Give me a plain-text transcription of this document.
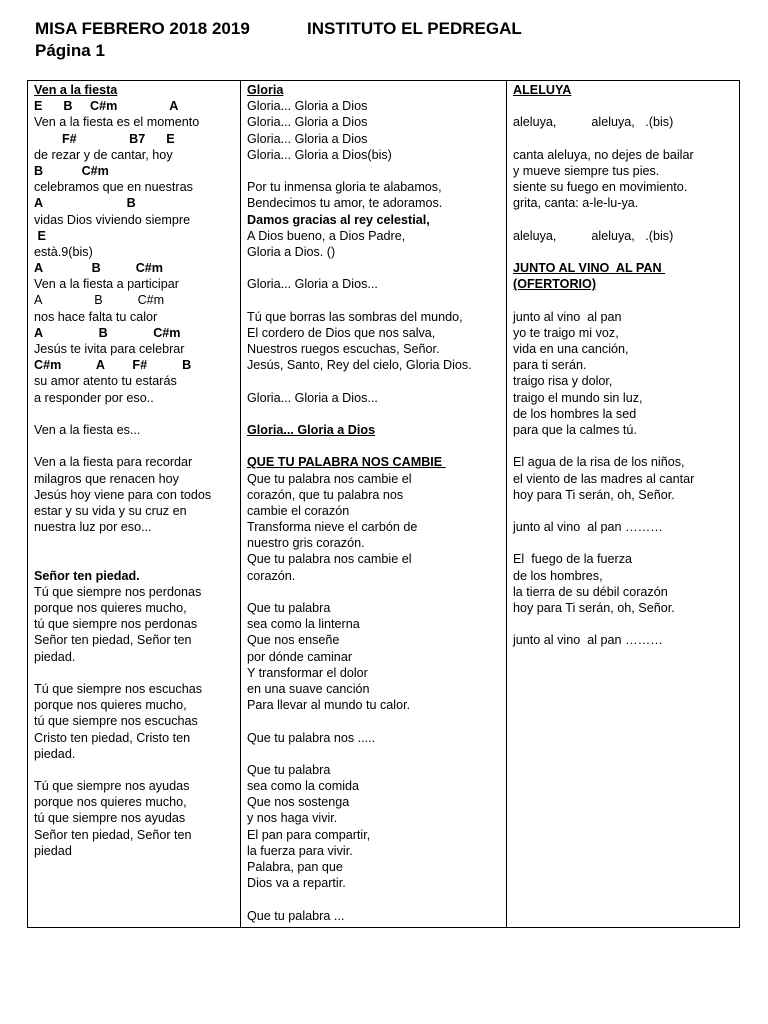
MISA FEBRERO 2018 2019	INSTITUTO EL PEDREGAL
Página 1
Ven a la fiesta
E      B     C#m               A
Ven a la fiesta es el momento
F#               B7      E
de rezar y de cantar, hoy
B           C#m
celebramos que en nuestras
A                        B
vidas Dios viviendo siempre
E
està.9(bis)
A              B          C#m
Ven a la fiesta a participar
A               B          C#m
nos hace falta tu calor
A                B             C#m
Jesús te ivita para celebrar
C#m          A        F#          B
su amor atento tu estarás
a responder por eso..
Ven a la fiesta es...
Ven a la fiesta para recordar
milagros que renacen hoy
Jesús hoy viene para con todos
estar y su vida y su cruz en
nuestra luz por eso...
Señor ten piedad.
Tú que siempre nos perdonas
porque nos quieres mucho,
tú que siempre nos perdonas
Señor ten piedad, Señor ten
piedad.
Tú que siempre nos escuchas
porque nos quieres mucho,
tú que siempre nos escuchas
Cristo ten piedad, Cristo ten
piedad.
Tú que siempre nos ayudas
porque nos quieres mucho,
tú que siempre nos ayudas
Señor ten piedad, Señor ten
piedad
Gloria
Gloria... Gloria a Dios
Gloria... Gloria a Dios
Gloria... Gloria a Dios
Gloria... Gloria a Dios(bis)
Por tu inmensa gloria te alabamos,
Bendecimos tu amor, te adoramos.
Damos gracias al rey celestial,
A Dios bueno, a Dios Padre,
Gloria a Dios. ()
Gloria... Gloria a Dios...
Tú que borras las sombras del mundo,
El cordero de Dios que nos salva,
Nuestros ruegos escuchas, Señor.
Jesús, Santo, Rey del cielo, Gloria Dios.
Gloria... Gloria a Dios...
Gloria... Gloria a Dios
QUE TU PALABRA NOS CAMBIE
Que tu palabra nos cambie el
corazón, que tu palabra nos
cambie el corazón
Transforma nieve el carbón de
nuestro gris corazón.
Que tu palabra nos cambie el
corazón.
Que tu palabra
sea como la linterna
Que nos enseñe
por dónde caminar
Y transformar el dolor
en una suave canción
Para llevar al mundo tu calor.
Que tu palabra nos .....
Que tu palabra
sea como la comida
Que nos sostenga
y nos haga vivir.
El pan para compartir,
la fuerza para vivir.
Palabra, pan que
Dios va a repartir.
Que tu palabra ...
ALELUYA
aleluya,          aleluya,   .(bis)
canta aleluya, no dejes de bailar
y mueve siempre tus pies.
siente su fuego en movimiento.
grita, canta: a-le-lu-ya.
aleluya,          aleluya,   .(bis)
JUNTO AL VINO  AL PAN
(OFERTORIO)
junto al vino  al pan
yo te traigo mi voz,
vida en una canción,
para ti serán.
traigo risa y dolor,
traigo el mundo sin luz,
de los hombres la sed
para que la calmes tú.
El agua de la risa de los niños,
el viento de las madres al cantar
hoy para Ti serán, oh, Señor.
junto al vino  al pan ………
El  fuego de la fuerza
de los hombres,
la tierra de su débil corazón
hoy para Ti serán, oh, Señor.
junto al vino  al pan ………
